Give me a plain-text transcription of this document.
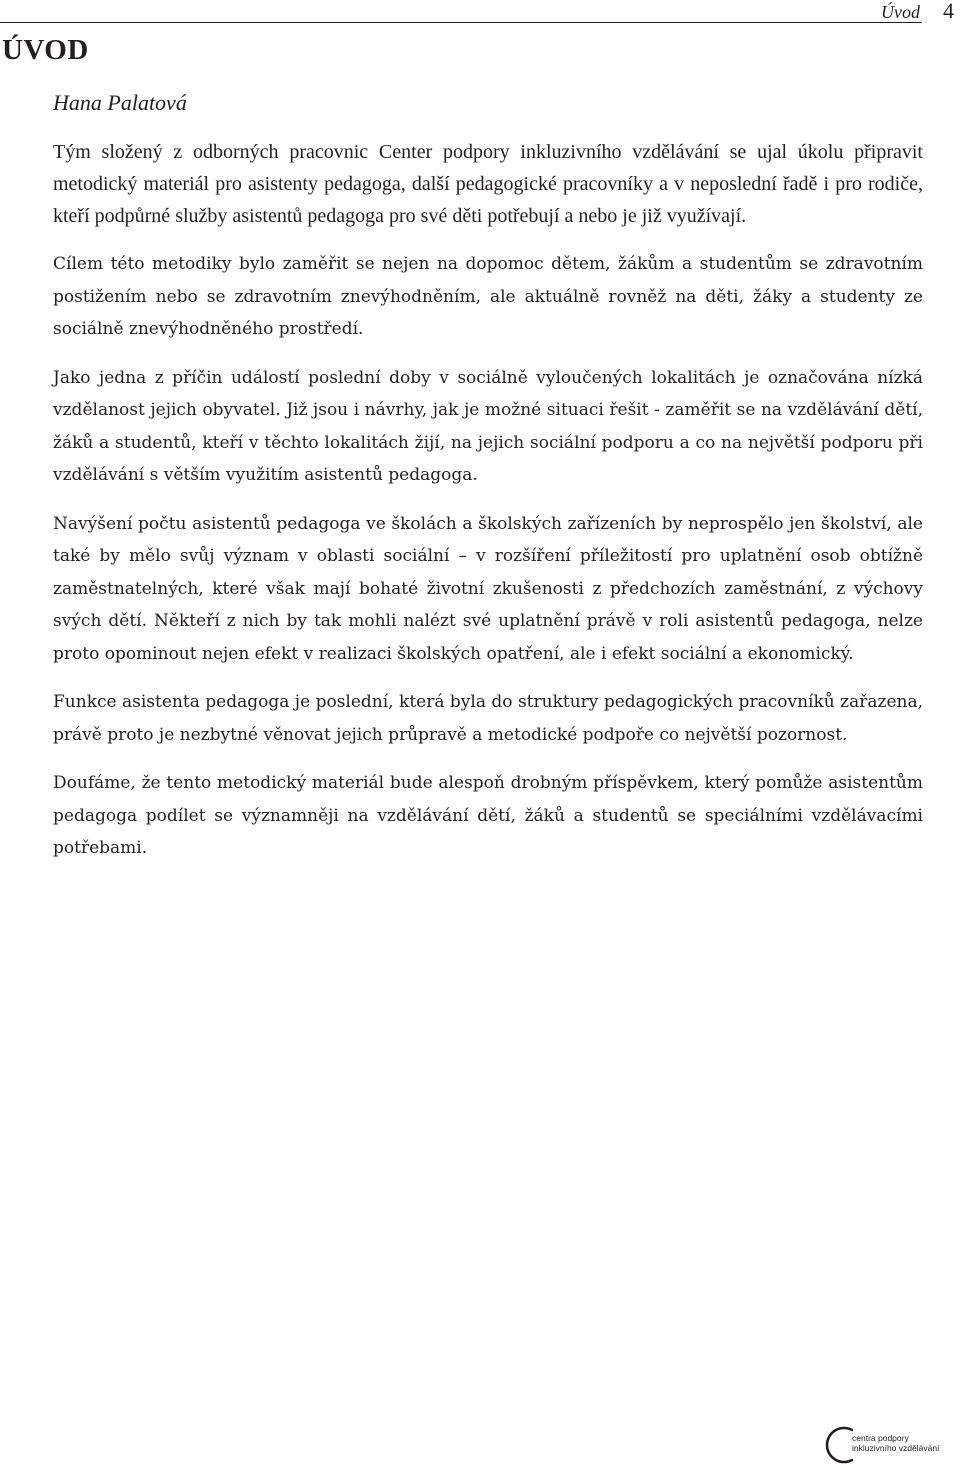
Úvod 4
ÚVOD

Hana Palatová

Tým složený z odborných pracovnic Center podpory inkluzivního vzdělávání se ujal úkolu připravit metodický materiál pro asistenty pedagoga, další pedagogické pracovníky a v neposlední řadě i pro rodiče, kteří podpůrné služby asistentů pedagoga pro své děti potřebují a nebo je již využívají.

Cílem této metodiky bylo zaměřit se nejen na dopomoc dětem, žákům a studentům se zdravotním postižením nebo se zdravotním znevýhodněním, ale aktuálně rovněž na děti, žáky a studenty ze sociálně znevýhodněného prostředí.

Jako jedna z příčin událostí poslední doby v sociálně vyloučených lokalitách je označována nízká vzdělanost jejich obyvatel. Již jsou i návrhy, jak je možné situaci řešit - zaměřit se na vzdělávání dětí, žáků a studentů, kteří v těchto lokalitách žijí, na jejich sociální podporu a co na největší podporu při vzdělávání s větším využitím asistentů pedagoga.

Navýšení počtu asistentů pedagoga ve školách a školských zařízeních by neprospělo jen školství, ale také by mělo svůj význam v oblasti sociální – v rozšíření příležitostí pro uplatnění osob obtížně zaměstnatelných, které však mají bohaté životní zkušenosti z předchozích zaměstnání, z výchovy svých dětí. Někteří z nich by tak mohli nalézt své uplatnění právě v roli asistentů pedagoga, nelze proto opominout nejen efekt v realizaci školských opatření, ale i efekt sociální a ekonomický.

Funkce asistenta pedagoga je poslední, která byla do struktury pedagogických pracovníků zařazena, právě proto je nezbytné věnovat jejich průpravě a metodické podpoře co největší pozornost.

Doufáme, že tento metodický materiál bude alespoň drobným příspěvkem, který pomůže asistentům pedagoga podílet se významněji na vzdělávání dětí, žáků a studentů se speciálními vzdělávacími potřebami.

centra podpory
inkluzivního vzdělávání
